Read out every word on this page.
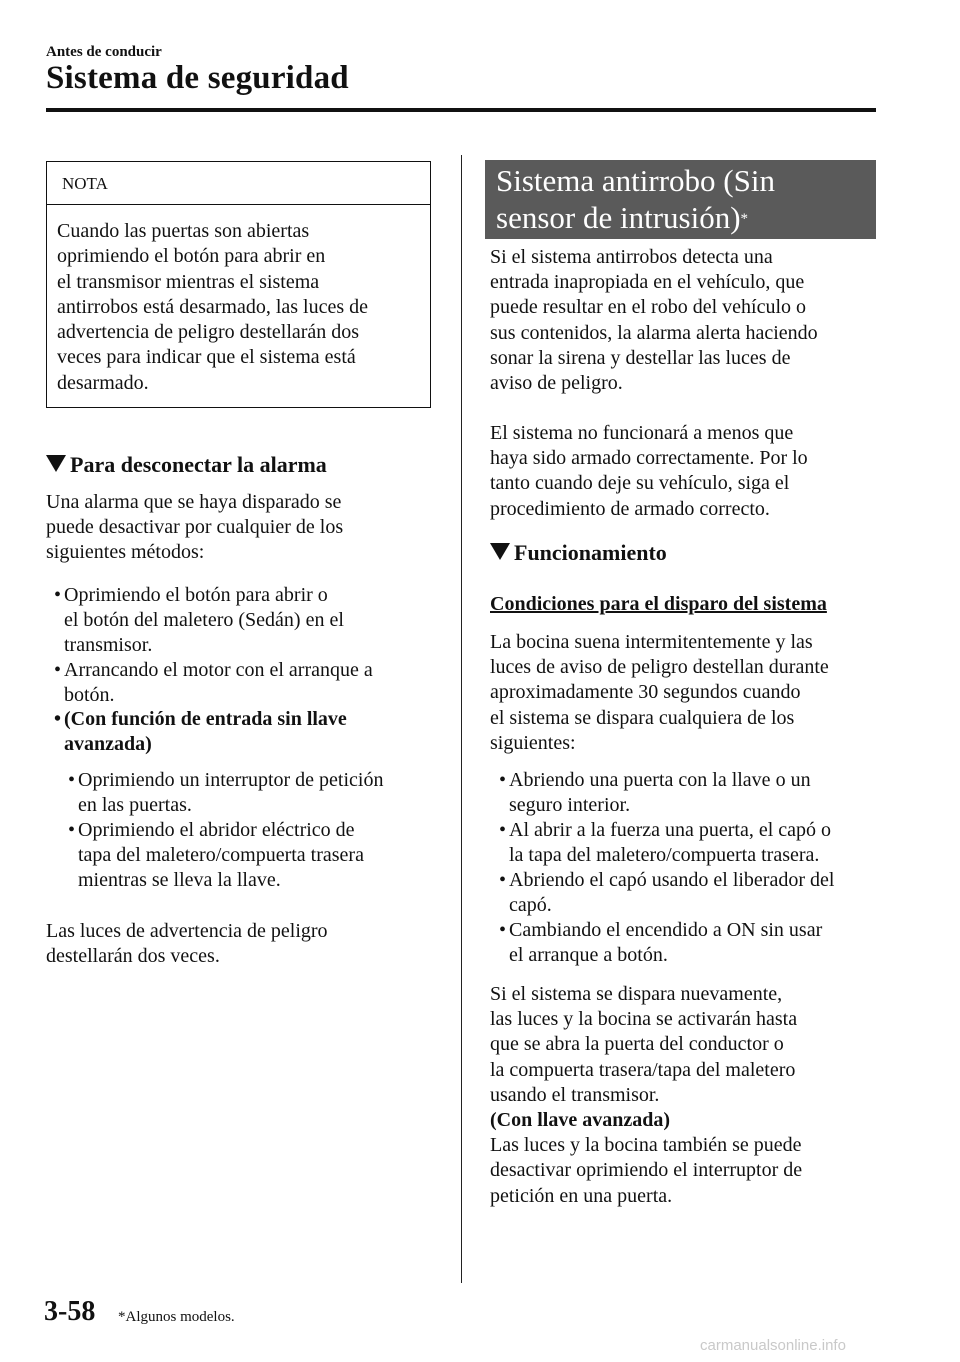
Antes de conducir
Sistema de seguridad
NOTA
Cuando las puertas son abiertas
oprimiendo el botón para abrir en
el transmisor mientras el sistema
antirrobos está desarmado, las luces de
advertencia de peligro destellarán dos
veces para indicar que el sistema está
desarmado.
Para desconectar la alarma
Una alarma que se haya disparado se
puede desactivar por cualquier de los
siguientes métodos:
• Oprimiendo el botón para abrir o
el botón del maletero (Sedán) en el
transmisor.
• Arrancando el motor con el arranque a
botón.
• (Con función de entrada sin llave
avanzada)
• Oprimiendo un interruptor de petición
en las puertas.
• Oprimiendo el abridor eléctrico de
tapa del maletero/compuerta trasera
mientras se lleva la llave.
Las luces de advertencia de peligro
destellarán dos veces.
Sistema antirrobo (Sin
sensor de intrusión)*
Si el sistema antirrobos detecta una
entrada inapropiada en el vehículo, que
puede resultar en el robo del vehículo o
sus contenidos, la alarma alerta haciendo
sonar la sirena y destellar las luces de
aviso de peligro.
El sistema no funcionará a menos que
haya sido armado correctamente. Por lo
tanto cuando deje su vehículo, siga el
procedimiento de armado correcto.
Funcionamiento
Condiciones para el disparo del sistema
La bocina suena intermitentemente y las
luces de aviso de peligro destellan durante
aproximadamente 30 segundos cuando
el sistema se dispara cualquiera de los
siguientes:
• Abriendo una puerta con la llave o un
seguro interior.
• Al abrir a la fuerza una puerta, el capó o
la tapa del maletero/compuerta trasera.
• Abriendo el capó usando el liberador del
capó.
• Cambiando el encendido a ON sin usar
el arranque a botón.
Si el sistema se dispara nuevamente,
las luces y la bocina se activarán hasta
que se abra la puerta del conductor o
la compuerta trasera/tapa del maletero
usando el transmisor.
(Con llave avanzada)
Las luces y la bocina también se puede
desactivar oprimiendo el interruptor de
petición en una puerta.
3-58 *Algunos modelos.
carmanualsonline.info
